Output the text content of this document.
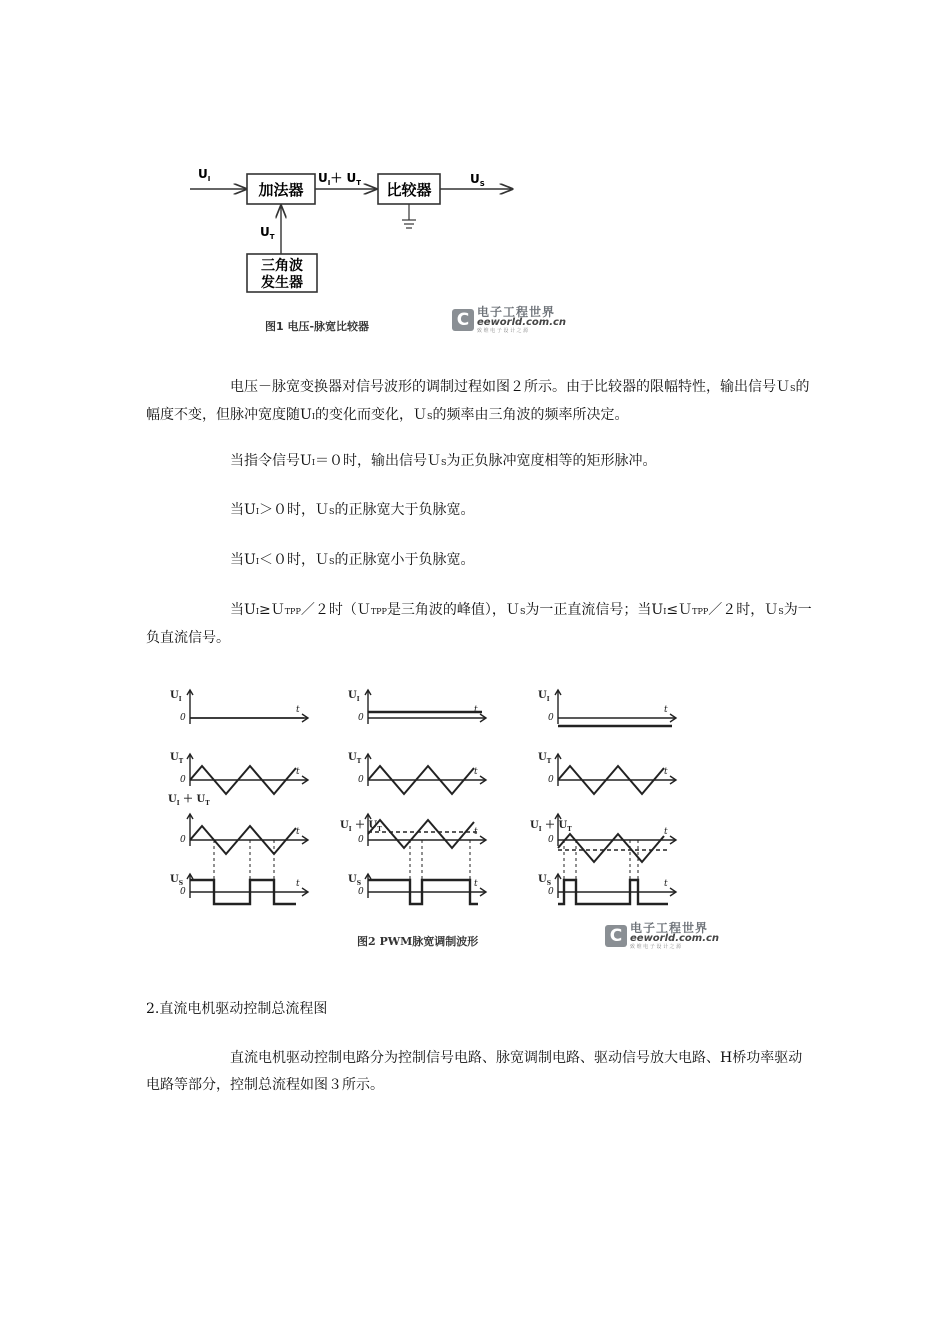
$U_I$
加法器
$U_I+ U_T$ 比较器
$U_S$
$U_T$
三角波
发生器
图1 电压-脉宽比较器	C 电子工程世界
eeworld.com.cn
致 维 电 子 设 计 之 源

电压－脉宽变换器对信号波形的调制过程如图２所示。由于比较器的限幅特性，输出信号ＵS的幅度不变，但脉冲宽度随UI的变化而变化，ＵS的频率由三角波的频率所决定。

当指令信号UI＝０时，输出信号ＵS为正负脉冲宽度相等的矩形脉冲。

当UI＞０时，ＵS的正脉宽大于负脉宽。

当UI＜０时，ＵS的正脉宽小于负脉宽。

当UI≥ＵTPP／２时（ＵTPP是三角波的峰值），ＵS为一正直流信号；当UI≤ＵTPP／２时，ＵS为一负直流信号。

0
t
$U_I$
0
t
$U_T$
0
t
$U_I + U_T$
0
t
$U_S$
0
t
$U_I$
0
t
$U_T$
0
t
$U_I + U_T$
0
t
$U_S$
0
t
$U_I$
0
t
$U_T$
0
t
$U_I + U_T$
0
t
$U_S$
图2 PWM脉宽调制波形	C 电子工程世界
eeworld.com.cn
致 维 电 子 设 计 之 源

2.直流电机驱动控制总流程图

直流电机驱动控制电路分为控制信号电路、脉宽调制电路、驱动信号放大电路、H桥功率驱动电路等部分，控制总流程如图３所示。
